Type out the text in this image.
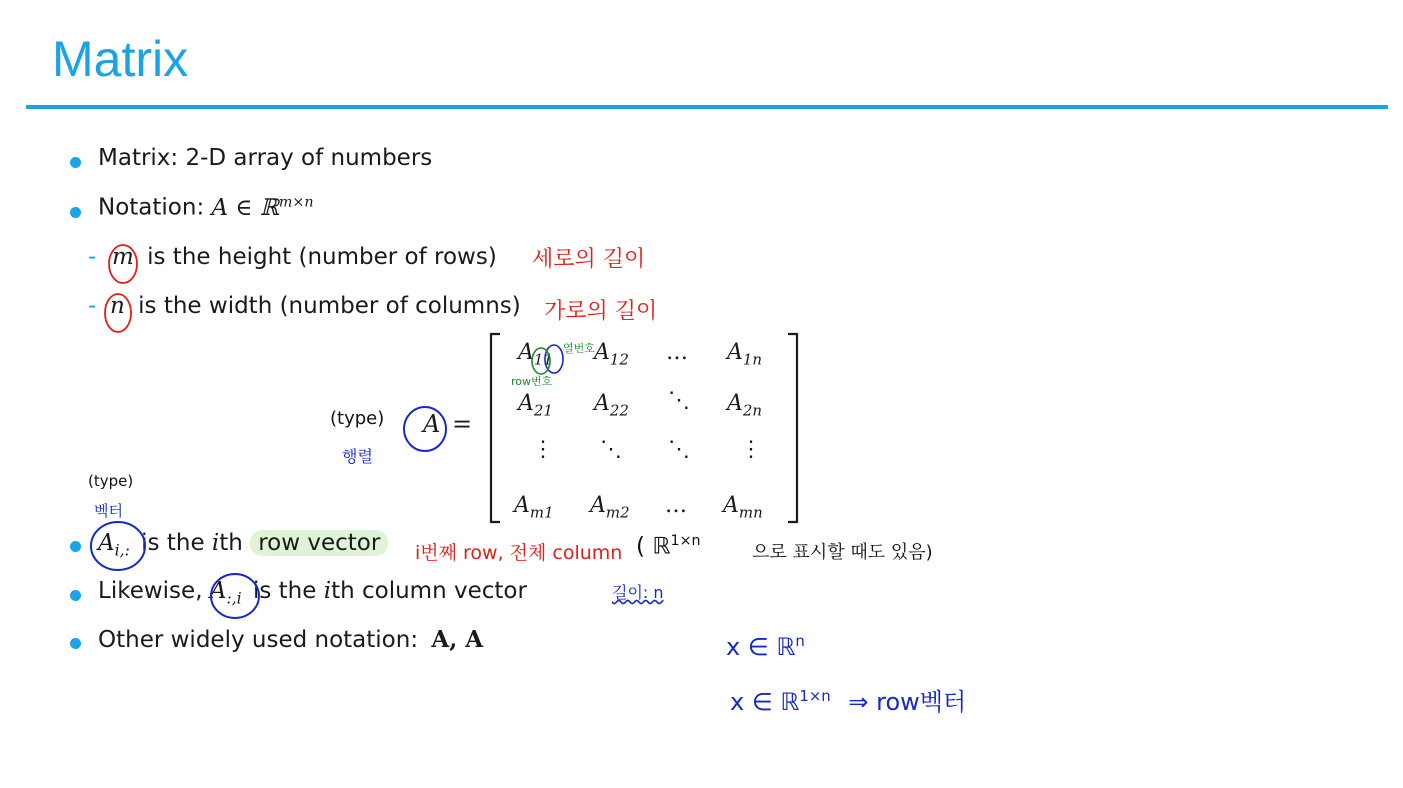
Matrix
Matrix: 2-D array of numbers
Notation: A ∈ ℝ$^{m\times n}$
- m is the height (number of rows) 세로의 길이
- n is the width (number of columns) 가로의 길이
(type)
행렬
A =
$A_{11}$ $A_{12}$ … $A_{1n}$
$A_{21}$ $A_{22}$ ⋱ $A_{2n}$
⋮ ⋱ ⋱ ⋮
$A_{m1}$ $A_{m2}$ … $A_{mn}$
열번호
row번호
(type)
벡터
$A_{i,:}$ is the ith row vector	i번째 row, 전체 column ( ℝ$^{1\times n}$
으로 표시할 때도 있음)
Likewise, $A_{:,i}$ is the ith column vector	길이: n
Other widely used notation: A, A	x ∈ ℝ$^n$
x ∈ ℝ$^{1\times n}$ ⇒ row벡터
